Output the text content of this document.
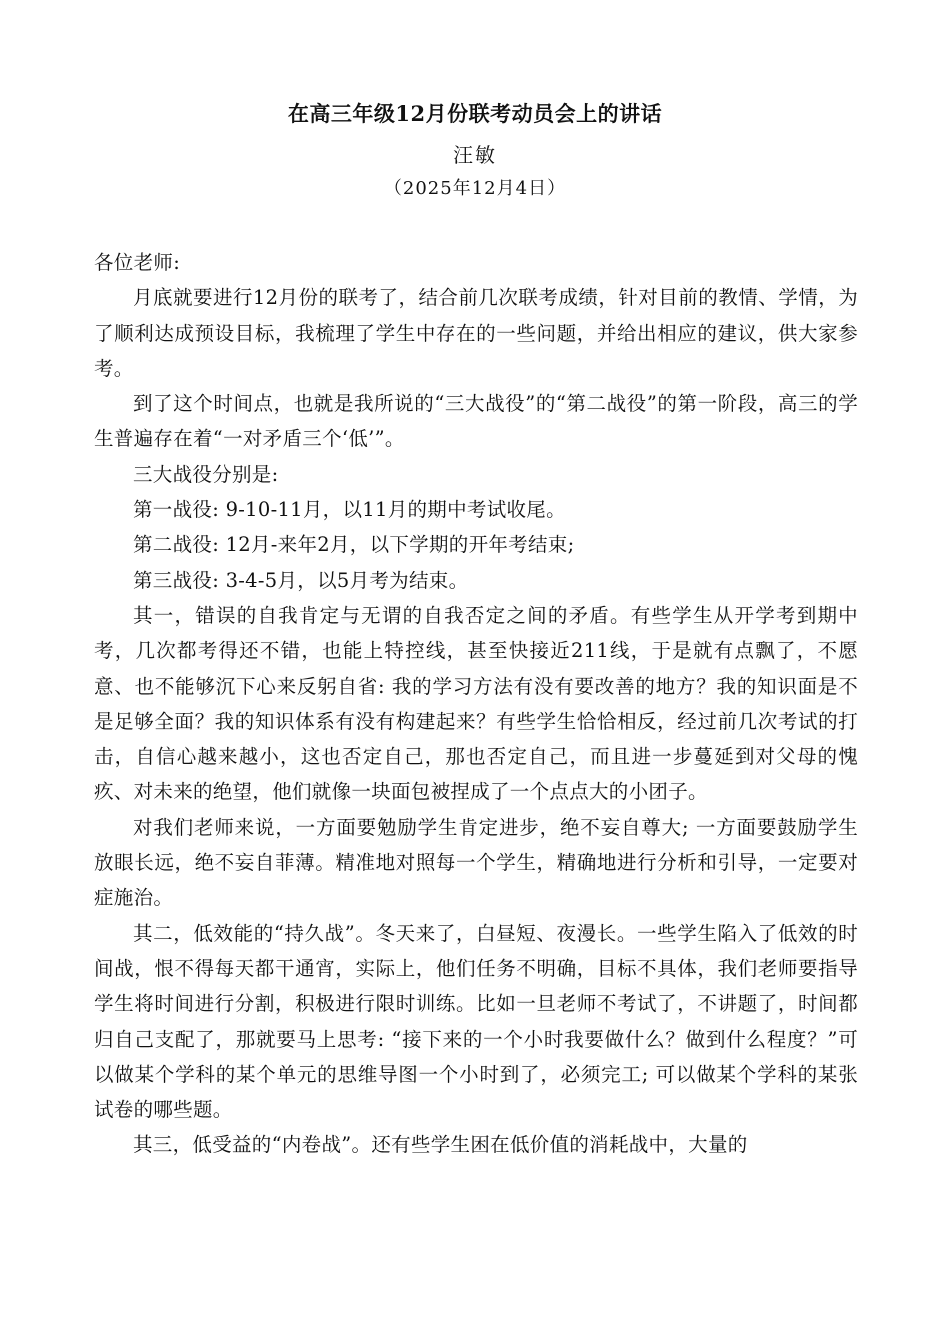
在高三年级12月份联考动员会上的讲话
汪敏
（2025年12月4日）

各位老师:

月底就要进行12月份的联考了，结合前几次联考成绩，针对目前的教情、学情，为了顺利达成预设目标，我梳理了学生中存在的一些问题，并给出相应的建议，供大家参考。

到了这个时间点，也就是我所说的“三大战役”的“第二战役”的第一阶段，高三的学生普遍存在着“一对矛盾三个‘低’”。

三大战役分别是:

第一战役: 9-10-11月，以11月的期中考试收尾。

第二战役: 12月-来年2月，以下学期的开年考结束;

第三战役: 3-4-5月，以5月考为结束。

其一，错误的自我肯定与无谓的自我否定之间的矛盾。有些学生从开学考到期中考，几次都考得还不错，也能上特控线，甚至快接近211线，于是就有点飘了，不愿意、也不能够沉下心来反躬自省: 我的学习方法有没有要改善的地方？我的知识面是不是足够全面？我的知识体系有没有构建起来？有些学生恰恰相反，经过前几次考试的打击，自信心越来越小，这也否定自己，那也否定自己，而且进一步蔓延到对父母的愧疚、对未来的绝望，他们就像一块面包被捏成了一个点点大的小团子。

对我们老师来说，一方面要勉励学生肯定进步，绝不妄自尊大; 一方面要鼓励学生放眼长远，绝不妄自菲薄。精准地对照每一个学生，精确地进行分析和引导，一定要对症施治。

其二，低效能的“持久战”。冬天来了，白昼短、夜漫长。一些学生陷入了低效的时间战，恨不得每天都干通宵，实际上，他们任务不明确，目标不具体，我们老师要指导学生将时间进行分割，积极进行限时训练。比如一旦老师不考试了，不讲题了，时间都归自己支配了，那就要马上思考: “接下来的一个小时我要做什么？做到什么程度？”可以做某个学科的某个单元的思维导图一个小时到了，必须完工; 可以做某个学科的某张试卷的哪些题。

其三，低受益的“内卷战”。还有些学生困在低价值的消耗战中，大量的
